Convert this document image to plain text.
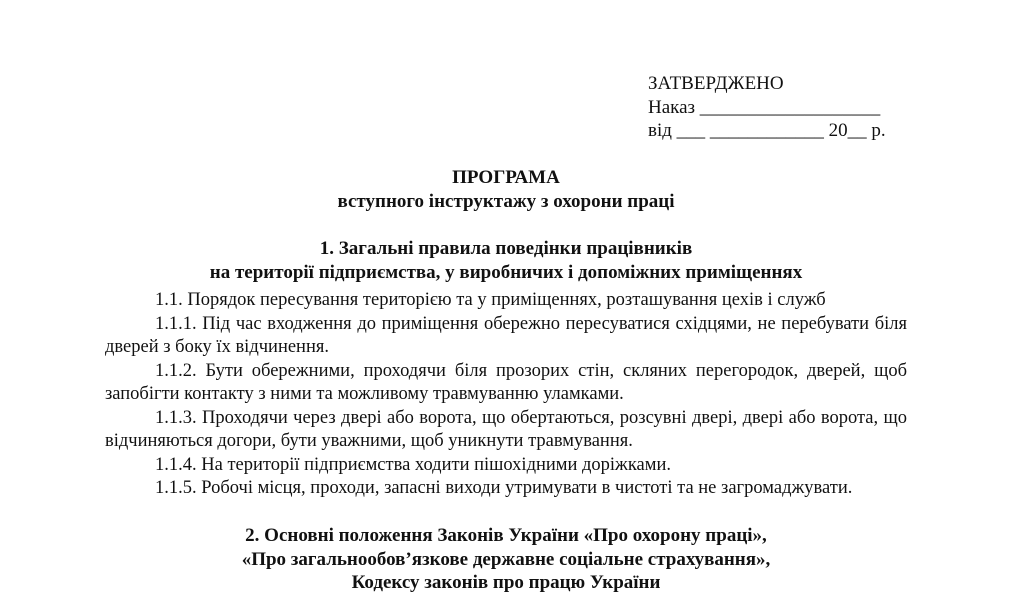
ЗАТВЕРДЖЕНО
Наказ ___________________
від ___ ____________ 20__ р.
ПРОГРАМА
вступного інструктажу з охорони праці
1. Загальні правила поведінки працівників
на території підприємства, у виробничих і допоміжних приміщеннях

1.1. Порядок пересування територією та у приміщеннях, розташування цехів і служб

1.1.1. Під час входження до приміщення обережно пересуватися східцями, не перебувати біля дверей з боку їх відчинення.

1.1.2. Бути обережними, проходячи біля прозорих стін, скляних перегородок, дверей, щоб запобігти контакту з ними та можливому травмуванню уламками.

1.1.3. Проходячи через двері або ворота, що обертаються, розсувні двері, двері або ворота, що відчиняються догори, бути уважними, щоб уникнути травмування.

1.1.4. На території підприємства ходити пішохідними доріжками.

1.1.5. Робочі місця, проходи, запасні виходи утримувати в чистоті та не загромаджувати.

2. Основні положення Законів України «Про охорону праці»,
«Про загальнообов’язкове державне соціальне страхування»,
Кодексу законів про працю України
